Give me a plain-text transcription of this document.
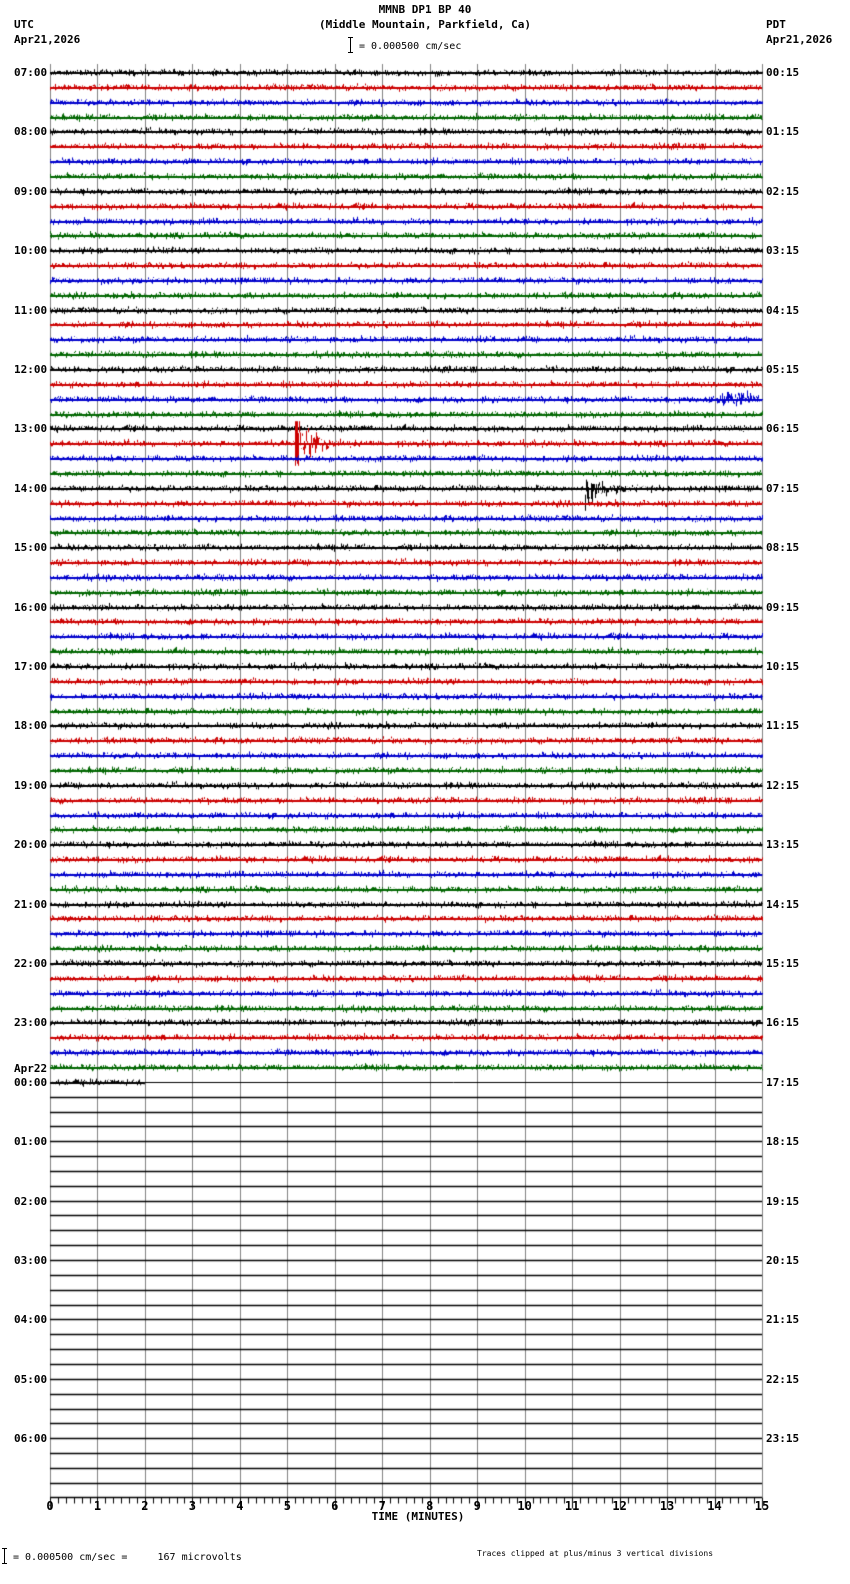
MMNB DP1 BP 40
(Middle Mountain, Parkfield, Ca)
UTC
Apr21,2026
PDT
Apr21,2026
= 0.000500 cm/sec
07:00
08:00
09:00
10:00
11:00
12:00
13:00
14:00
15:00
16:00
17:00
18:00
19:00
20:00
21:00
22:00
23:00
Apr22
00:00
01:00
02:00
03:00
04:00
05:00
06:00
00:15
01:15
02:15
03:15
04:15
05:15
06:15
07:15
08:15
09:15
10:15
11:15
12:15
13:15
14:15
15:15
16:15
17:15
18:15
19:15
20:15
21:15
22:15
23:15
0	1	2	3	4	5	6	7	8	9	10	11	12	13	14	15
TIME (MINUTES)
= 0.000500 cm/sec =     167 microvolts	Traces clipped at plus/minus 3 vertical divisions
